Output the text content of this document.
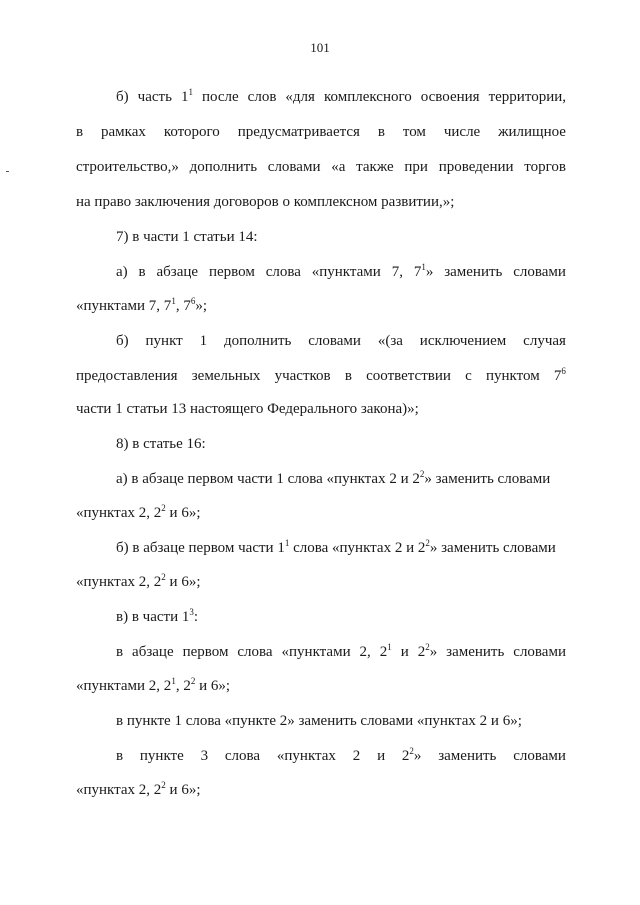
101
б) часть $1^1$ после слов «для комплексного освоения территории,
в рамках которого предусматривается в том числе жилищное
строительство,» дополнить словами «а также при проведении торгов
на право заключения договоров о комплексном развитии,»;
7) в части 1 статьи 14:
а) в абзаце первом слова «пунктами 7, $7^1$» заменить словами
«пунктами 7, $7^1$, $7^6$»;
б) пункт 1 дополнить словами «(за исключением случая
предоставления земельных участков в соответствии с пунктом $7^6$
части 1 статьи 13 настоящего Федерального закона)»;
8) в статье 16:
а) в абзаце первом части 1 слова «пунктах 2 и $2^2$» заменить словами
«пунктах 2, $2^2$ и 6»;
б) в абзаце первом части $1^1$ слова «пунктах 2 и $2^2$» заменить словами
«пунктах 2, $2^2$ и 6»;
в) в части $1^3$:
в абзаце первом слова «пунктами 2, $2^1$ и $2^2$» заменить словами
«пунктами 2, $2^1$, $2^2$ и 6»;
в пункте 1 слова «пункте 2» заменить словами «пунктах 2 и 6»;
в пункте 3 слова «пунктах 2 и $2^2$» заменить словами
«пунктах 2, $2^2$ и 6»;
